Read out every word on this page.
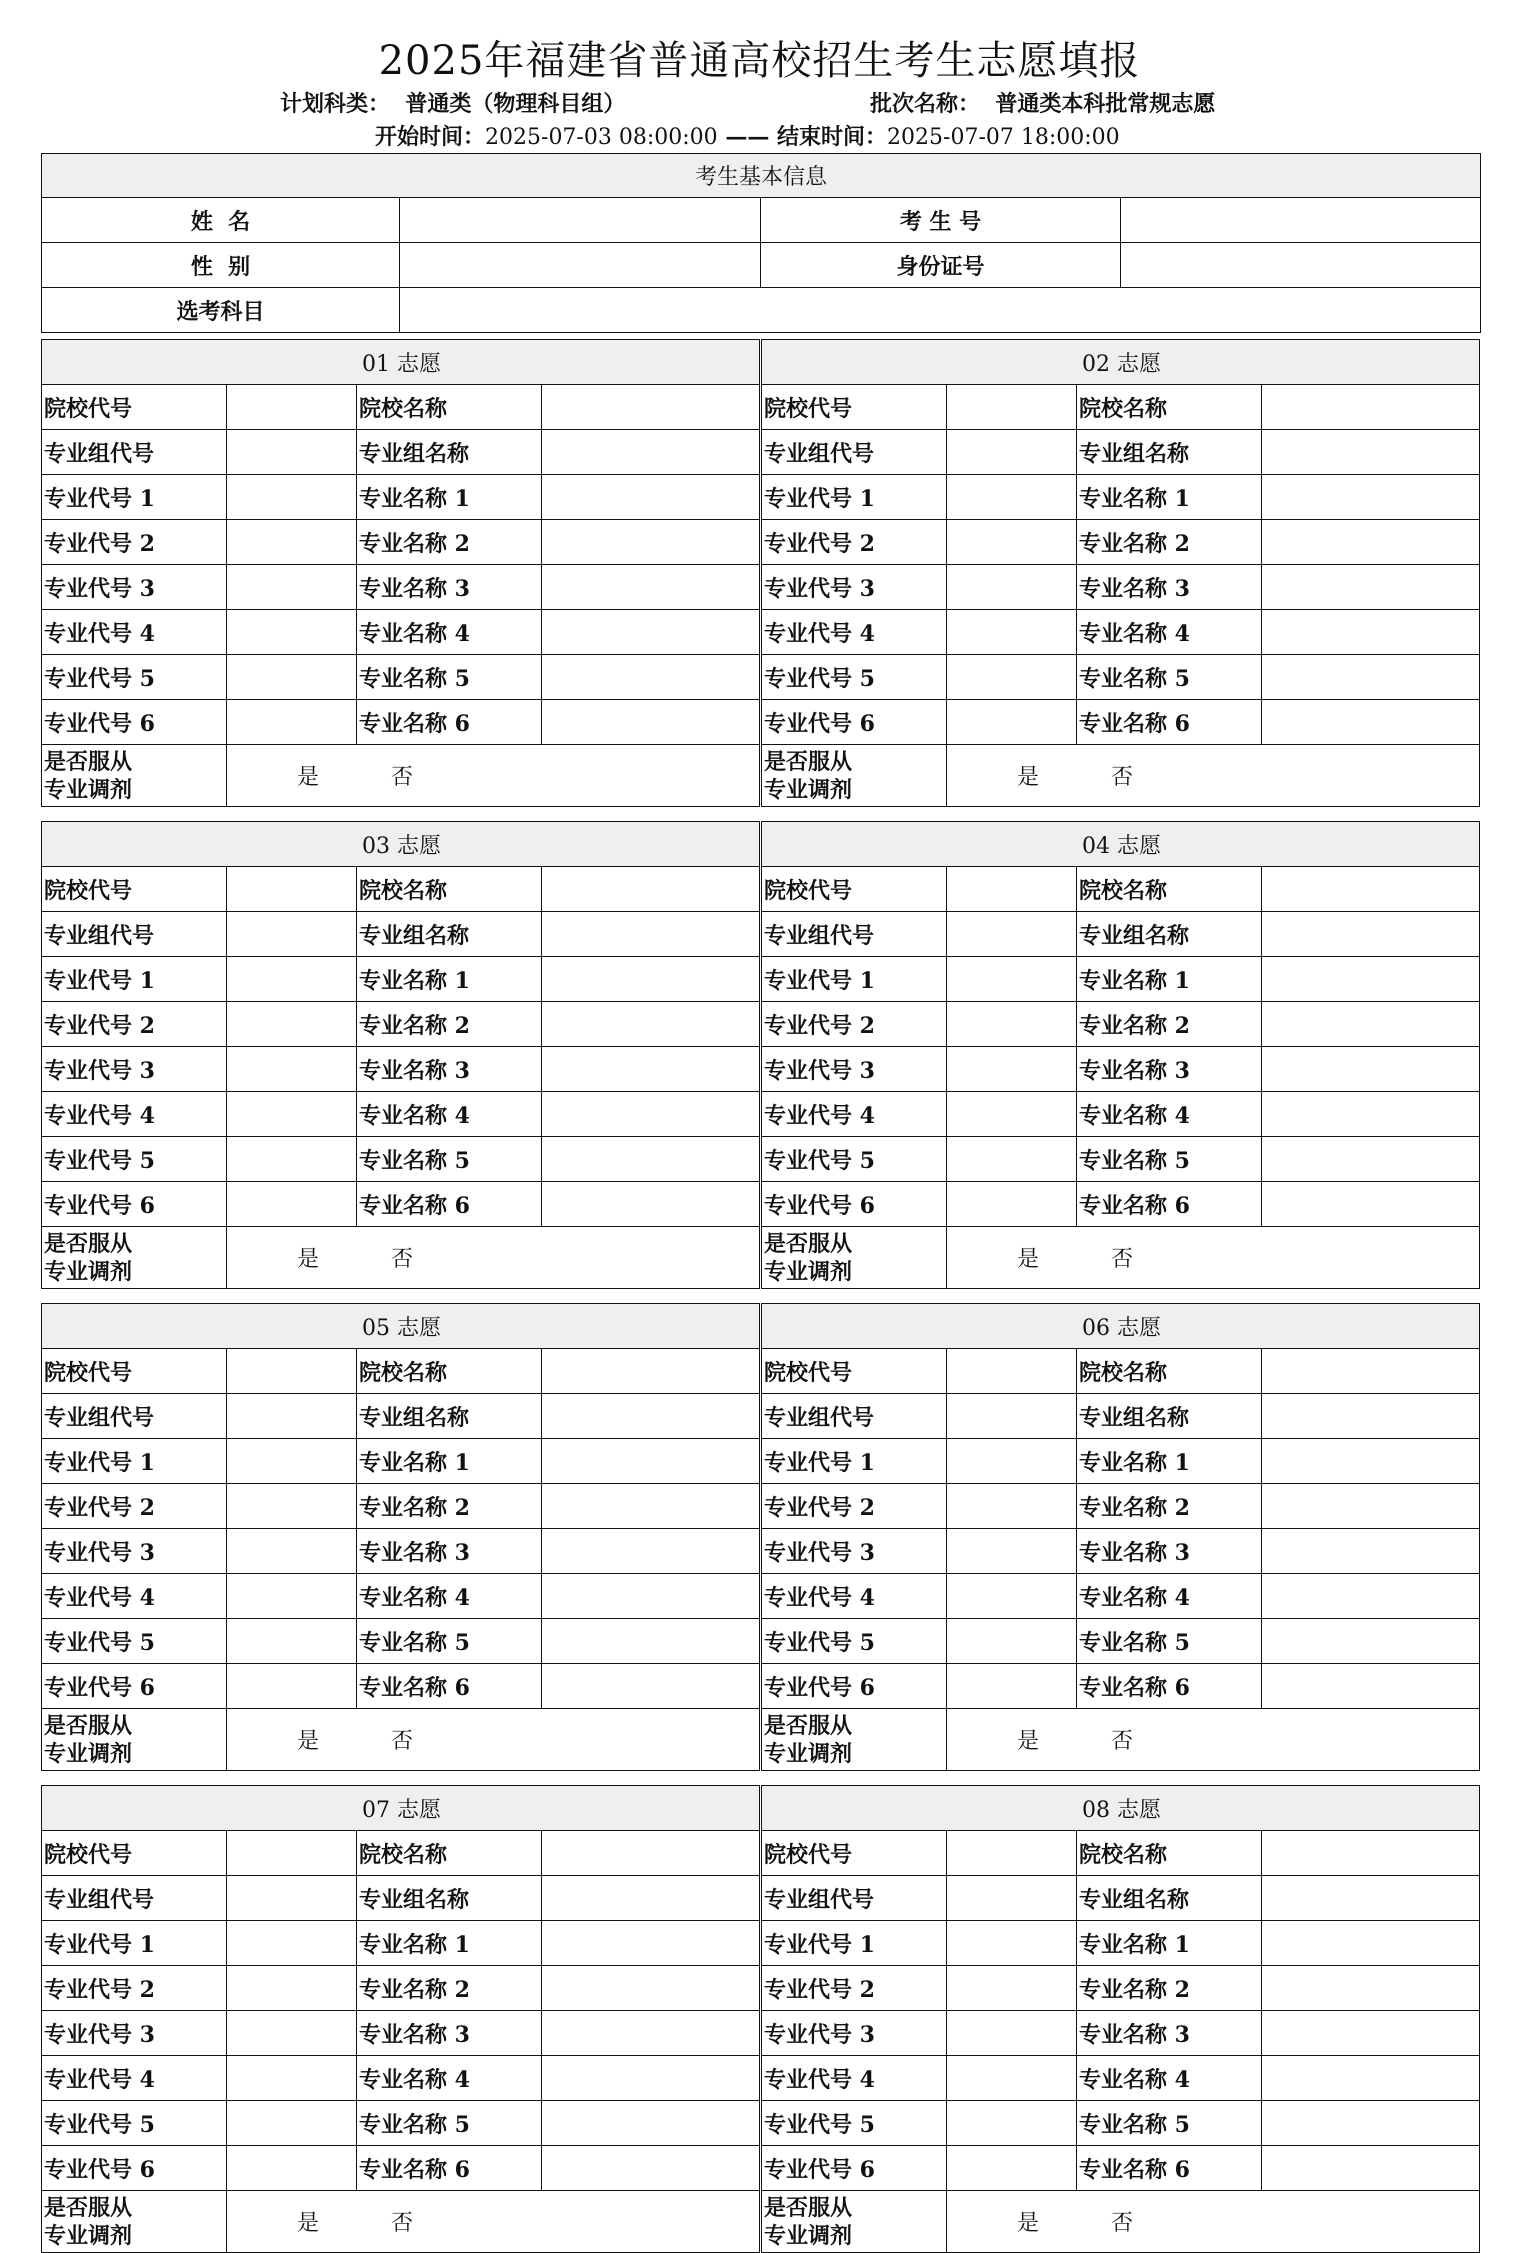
2025年福建省普通高校招生考生志愿填报
计划科类： 普通类（物理科目组）	批次名称： 普通类本科批常规志愿
开始时间：2025-07-03 08:00:00 —— 结束时间：2025-07-07 18:00:00
考生基本信息			
姓  名		考 生 号	
性  别		身份证号	
选考科目			
01 志愿			
院校代号		院校名称	
专业组代号		专业组名称	
专业代号 1		专业名称 1	
专业代号 2		专业名称 2	
专业代号 3		专业名称 3	
专业代号 4		专业名称 4	
专业代号 5		专业名称 5	
专业代号 6		专业名称 6	
是否服从
专业调剂	是 否		
02 志愿			
院校代号		院校名称	
专业组代号		专业组名称	
专业代号 1		专业名称 1	
专业代号 2		专业名称 2	
专业代号 3		专业名称 3	
专业代号 4		专业名称 4	
专业代号 5		专业名称 5	
专业代号 6		专业名称 6	
是否服从
专业调剂	是 否		
03 志愿			
院校代号		院校名称	
专业组代号		专业组名称	
专业代号 1		专业名称 1	
专业代号 2		专业名称 2	
专业代号 3		专业名称 3	
专业代号 4		专业名称 4	
专业代号 5		专业名称 5	
专业代号 6		专业名称 6	
是否服从
专业调剂	是 否		
04 志愿			
院校代号		院校名称	
专业组代号		专业组名称	
专业代号 1		专业名称 1	
专业代号 2		专业名称 2	
专业代号 3		专业名称 3	
专业代号 4		专业名称 4	
专业代号 5		专业名称 5	
专业代号 6		专业名称 6	
是否服从
专业调剂	是 否		
05 志愿			
院校代号		院校名称	
专业组代号		专业组名称	
专业代号 1		专业名称 1	
专业代号 2		专业名称 2	
专业代号 3		专业名称 3	
专业代号 4		专业名称 4	
专业代号 5		专业名称 5	
专业代号 6		专业名称 6	
是否服从
专业调剂	是 否		
06 志愿			
院校代号		院校名称	
专业组代号		专业组名称	
专业代号 1		专业名称 1	
专业代号 2		专业名称 2	
专业代号 3		专业名称 3	
专业代号 4		专业名称 4	
专业代号 5		专业名称 5	
专业代号 6		专业名称 6	
是否服从
专业调剂	是 否		
07 志愿			
院校代号		院校名称	
专业组代号		专业组名称	
专业代号 1		专业名称 1	
专业代号 2		专业名称 2	
专业代号 3		专业名称 3	
专业代号 4		专业名称 4	
专业代号 5		专业名称 5	
专业代号 6		专业名称 6	
是否服从
专业调剂	是 否		
08 志愿			
院校代号		院校名称	
专业组代号		专业组名称	
专业代号 1		专业名称 1	
专业代号 2		专业名称 2	
专业代号 3		专业名称 3	
专业代号 4		专业名称 4	
专业代号 5		专业名称 5	
专业代号 6		专业名称 6	
是否服从
专业调剂	是 否		
